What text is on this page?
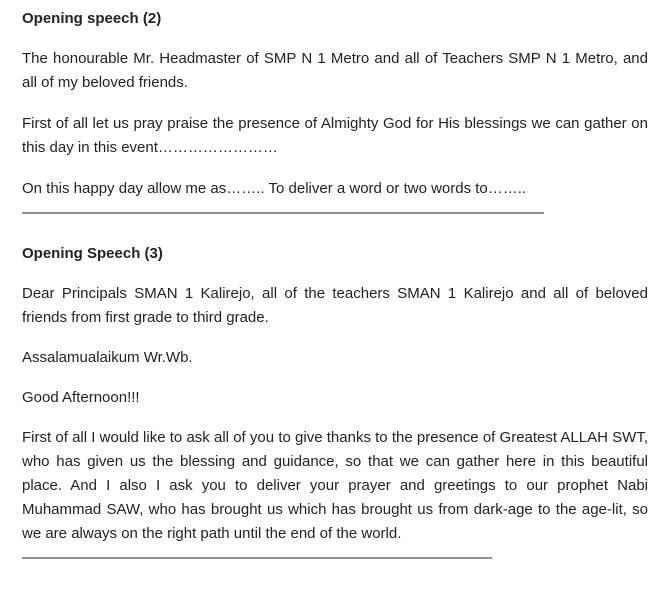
Opening speech (2)

The honourable Mr. Headmaster of SMP N 1 Metro and all of Teachers SMP N 1 Metro, and all of my beloved friends.

First of all let us pray praise the presence of Almighty God for His blessings we can gather on this day in this event……………………

On this happy day allow me as…….. To deliver a word or two words to……..

————————————————————————————————————————

Opening Speech (3)

Dear Principals SMAN 1 Kalirejo, all of the teachers SMAN 1 Kalirejo and all of beloved friends from first grade to third grade.

Assalamualaikum Wr.Wb.

Good Afternoon!!!

First of all I would like to ask all of you to give thanks to the presence of Greatest ALLAH SWT, who has given us the blessing and guidance, so that we can gather here in this beautiful place. And I also I ask you to deliver your prayer and greetings to our prophet Nabi Muhammad SAW, who has brought us which has brought us from dark-age to the age-lit, so we are always on the right path until the end of the world.

————————————————————————————————————
